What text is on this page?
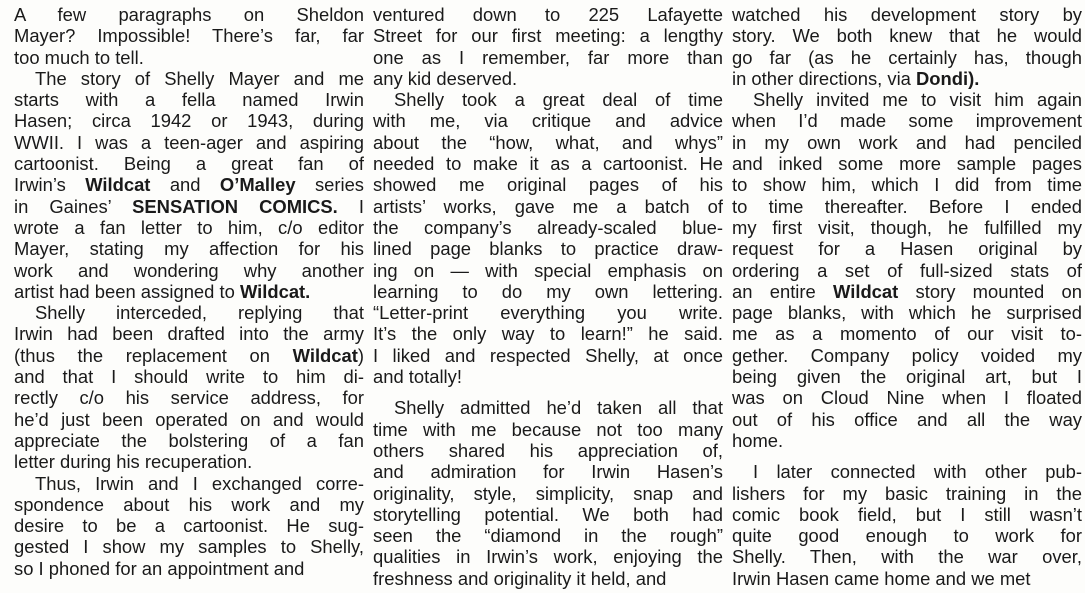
A few paragraphs on Sheldon
Mayer? Impossible! There’s far, far
too much to tell.
The story of Shelly Mayer and me
starts with a fella named Irwin
Hasen; circa 1942 or 1943, during
WWII. I was a teen-ager and aspiring
cartoonist. Being a great fan of
Irwin’s Wildcat and O’Malley series
in Gaines’ SENSATION COMICS. I
wrote a fan letter to him, c/o editor
Mayer, stating my affection for his
work and wondering why another
artist had been assigned to Wildcat.
Shelly interceded, replying that
Irwin had been drafted into the army
(thus the replacement on Wildcat)
and that I should write to him di-
rectly c/o his service address, for
he’d just been operated on and would
appreciate the bolstering of a fan
letter during his recuperation.
Thus, Irwin and I exchanged corre-
spondence about his work and my
desire to be a cartoonist. He sug-
gested I show my samples to Shelly,
so I phoned for an appointment and
ventured down to 225 Lafayette
Street for our first meeting: a lengthy
one as I remember, far more than
any kid deserved.
Shelly took a great deal of time
with me, via critique and advice
about the “how, what, and whys”
needed to make it as a cartoonist. He
showed me original pages of his
artists’ works, gave me a batch of
the company’s already-scaled blue-
lined page blanks to practice draw-
ing on — with special emphasis on
learning to do my own lettering.
“Letter-print everything you write.
It’s the only way to learn!” he said.
I liked and respected Shelly, at once
and totally!
Shelly admitted he’d taken all that
time with me because not too many
others shared his appreciation of,
and admiration for Irwin Hasen’s
originality, style, simplicity, snap and
storytelling potential. We both had
seen the “diamond in the rough”
qualities in Irwin’s work, enjoying the
freshness and originality it held, and
watched his development story by
story. We both knew that he would
go far (as he certainly has, though
in other directions, via Dondi).
Shelly invited me to visit him again
when I’d made some improvement
in my own work and had penciled
and inked some more sample pages
to show him, which I did from time
to time thereafter. Before I ended
my first visit, though, he fulfilled my
request for a Hasen original by
ordering a set of full-sized stats of
an entire Wildcat story mounted on
page blanks, with which he surprised
me as a momento of our visit to-
gether. Company policy voided my
being given the original art, but I
was on Cloud Nine when I floated
out of his office and all the way
home.
I later connected with other pub-
lishers for my basic training in the
comic book field, but I still wasn’t
quite good enough to work for
Shelly. Then, with the war over,
Irwin Hasen came home and we met
